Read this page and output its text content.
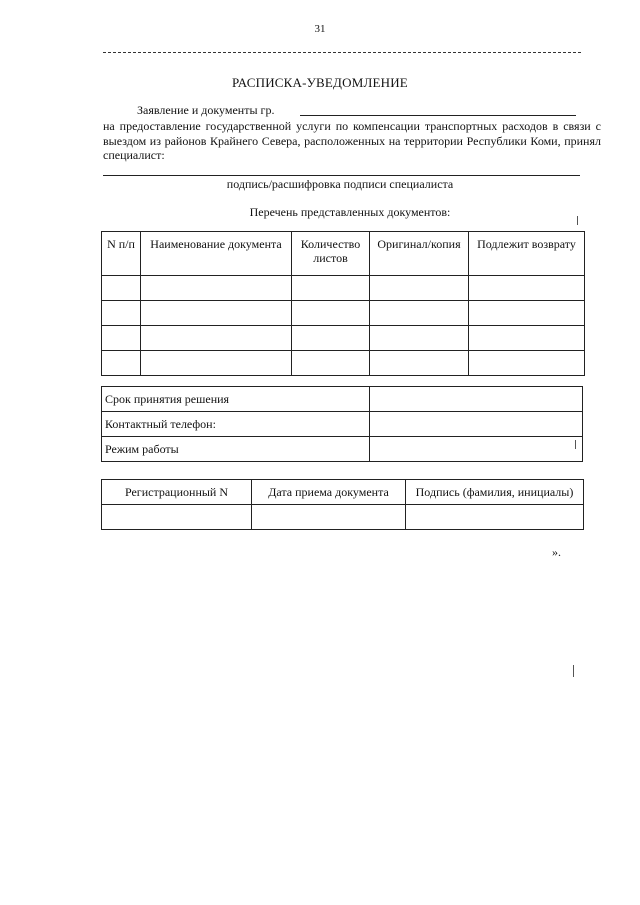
31
РАСПИСКА-УВЕДОМЛЕНИЕ
Заявление и документы гр.
на предоставление государственной услуги по компенсации транспортных расходов в связи с выездом из районов Крайнего Севера, расположенных на территории Республики Коми, принял специалист:
подпись/расшифровка подписи специалиста
Перечень представленных документов:
N п/п	Наименование документа	Количество листов	Оригинал/копия	Подлежит возврату

Срок принятия решения	
Контактный телефон:	
Режим работы	
Регистрационный N	Дата приема документа	Подпись (фамилия, инициалы)

».
